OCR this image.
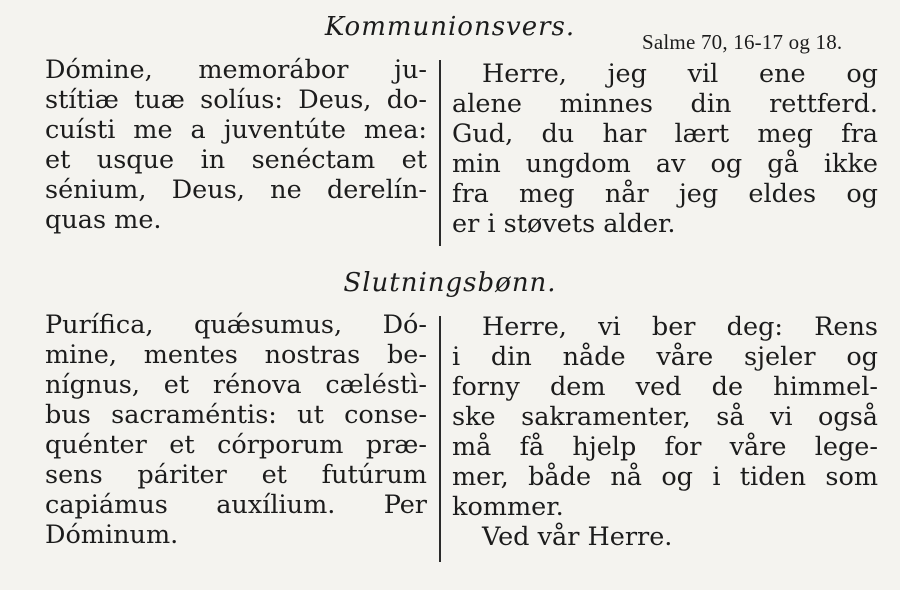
Kommunionsvers.	Salme 70, 16-17 og 18.
Dómine, memorábor ju-
stítiæ tuæ solíus: Deus, do-
cuísti me a juventúte mea:
et usque in senéctam et
sénium, Deus, ne derelín-
quas me.
Herre, jeg vil ene og
alene minnes din rettferd.
Gud, du har lært meg fra
min ungdom av og gå ikke
fra meg når jeg eldes og
er i støvets alder.
Slutningsbønn.
Puríﬁca, quǽsumus, Dó-
mine, mentes nostras be-
nígnus, et rénova cæléstì-
bus sacraméntis: ut conse-
quénter et córporum præ-
sens páriter et futúrum
capiámus auxílium. Per
Dóminum.
Herre, vi ber deg: Rens
i din nåde våre sjeler og
forny dem ved de himmel-
ske sakramenter, så vi også
må få hjelp for våre lege-
mer, både nå og i tiden som
kommer.
Ved vår Herre.
